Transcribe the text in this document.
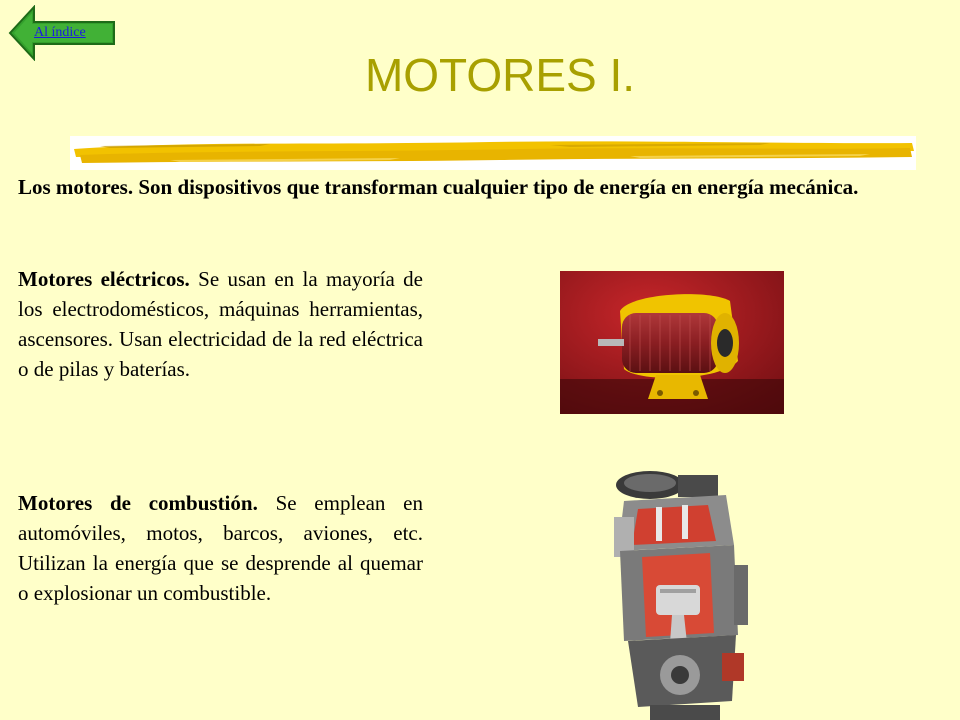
Al índice
MOTORES I.

Los motores. Son dispositivos que transforman cualquier tipo de energía en energía mecánica.

Motores eléctricos. Se usan en la mayoría de los electrodomésticos, máquinas herramientas, ascensores. Usan electricidad de la red eléctrica o de pilas y baterías.

Motores de combustión. Se emplean en automóviles, motos, barcos, aviones, etc. Utilizan la energía que se desprende al quemar o explosionar un combustible.
